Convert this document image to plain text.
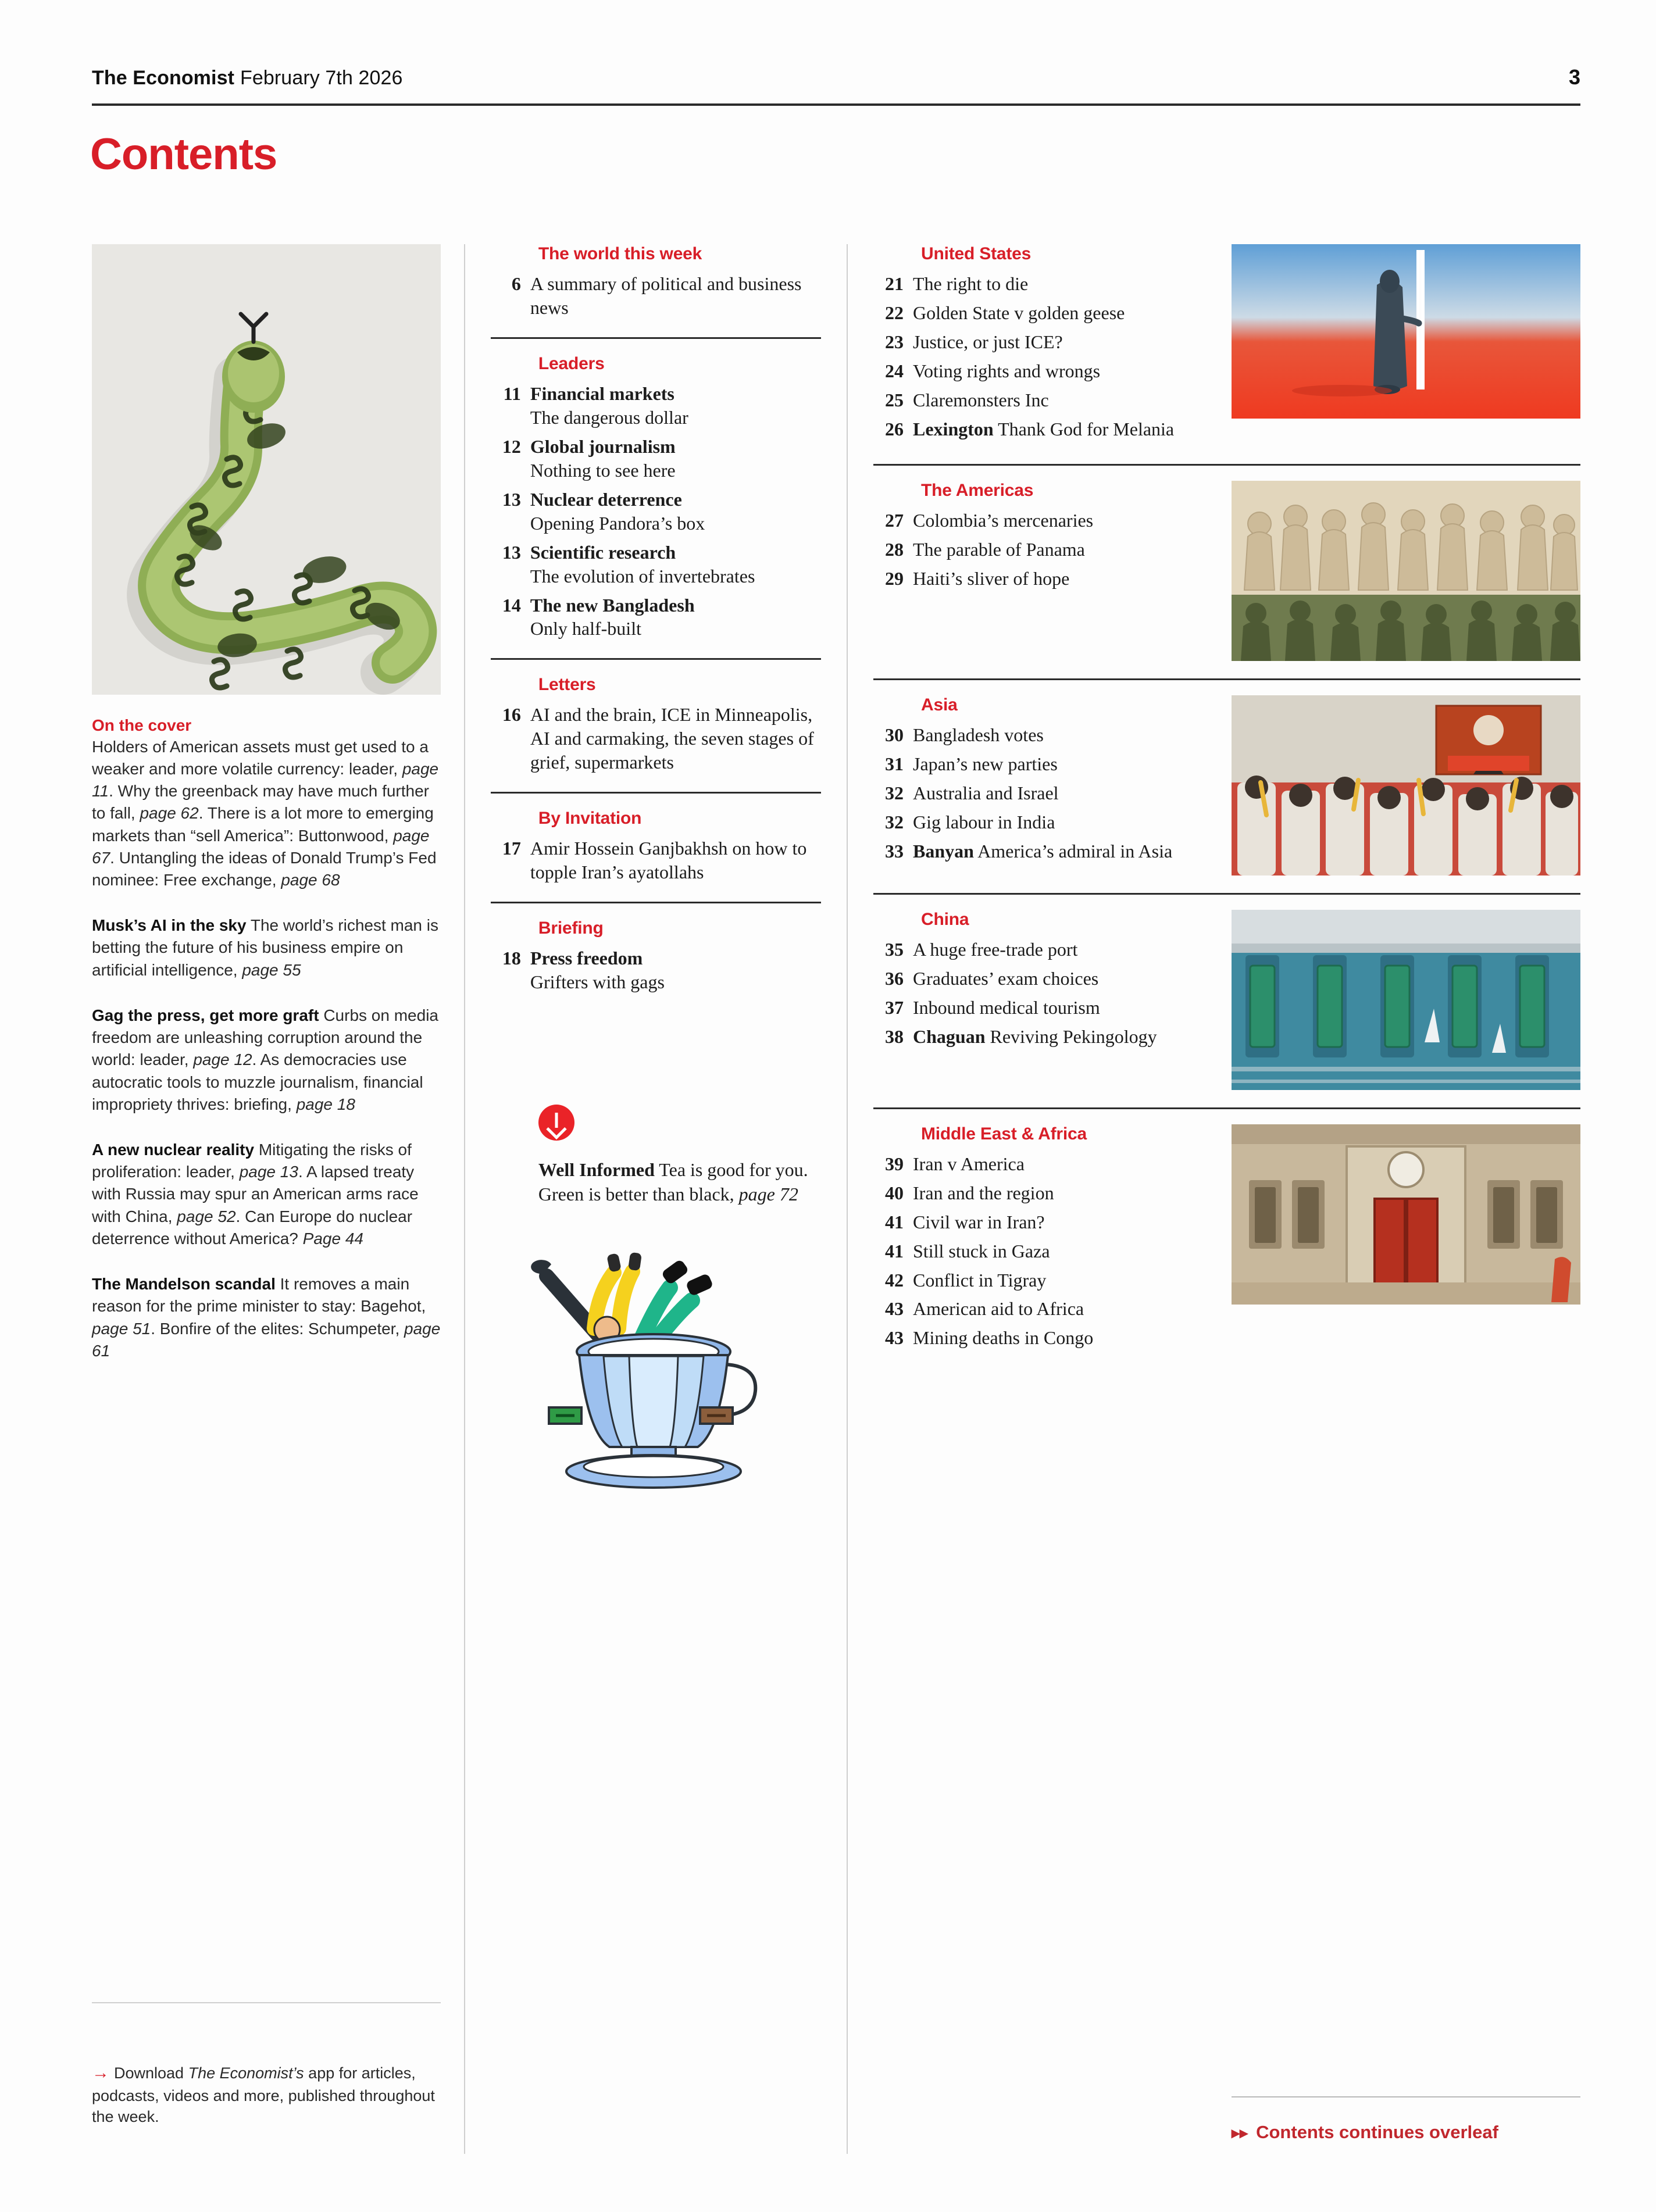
The Economist February 7th 2026	3
Contents
On the cover
Holders of American assets must get used to a weaker and more volatile currency: leader, page 11. Why the greenback may have much further to fall, page 62. There is a lot more to emerging markets than “sell America”: Buttonwood, page 67. Untangling the ideas of Donald Trump’s Fed nominee: Free exchange, page 68
Musk’s AI in the sky The world’s richest man is betting the future of his business empire on artificial intelligence, page 55
Gag the press, get more graft Curbs on media freedom are unleashing corruption around the world: leader, page 12. As democracies use autocratic tools to muzzle journalism, financial impropriety thrives: briefing, page 18
A new nuclear reality Mitigating the risks of proliferation: leader, page 13. A lapsed treaty with Russia may spur an American arms race with China, page 52. Can Europe do nuclear deterrence without America? Page 44
The Mandelson scandal It removes a main reason for the prime minister to stay: Bagehot, page 51. Bonfire of the elites: Schumpeter, page 61
→ Download The Economist’s app for articles, podcasts, videos and more, published throughout the week.
The world this week
6 A summary of political and business news
Leaders
11 Financial markets
The dangerous dollar
12 Global journalism
Nothing to see here
13 Nuclear deterrence
Opening Pandora’s box
13 Scientific research
The evolution of invertebrates
14 The new Bangladesh
Only half-built
Letters
16 AI and the brain, ICE in Minneapolis, AI and carmaking, the seven stages of grief, supermarkets
By Invitation
17 Amir Hossein Ganjbakhsh on how to topple Iran’s ayatollahs
Briefing
18 Press freedom
Grifters with gags
Well Informed Tea is good for you. Green is better than black, page 72
United States
21 The right to die
22 Golden State v golden geese
23 Justice, or just ICE?
24 Voting rights and wrongs
25 Claremonsters Inc
26 Lexington Thank God for Melania
The Americas
27 Colombia’s mercenaries
28 The parable of Panama
29 Haiti’s sliver of hope
Asia
30 Bangladesh votes
31 Japan’s new parties
32 Australia and Israel
32 Gig labour in India
33 Banyan America’s admiral in Asia
China
35 A huge free-trade port
36 Graduates’ exam choices
37 Inbound medical tourism
38 Chaguan Reviving Pekingology
Middle East & Africa
39 Iran v America
40 Iran and the region
41 Civil war in Iran?
41 Still stuck in Gaza
42 Conflict in Tigray
43 American aid to Africa
43 Mining deaths in Congo
▸▸ Contents continues overleaf
